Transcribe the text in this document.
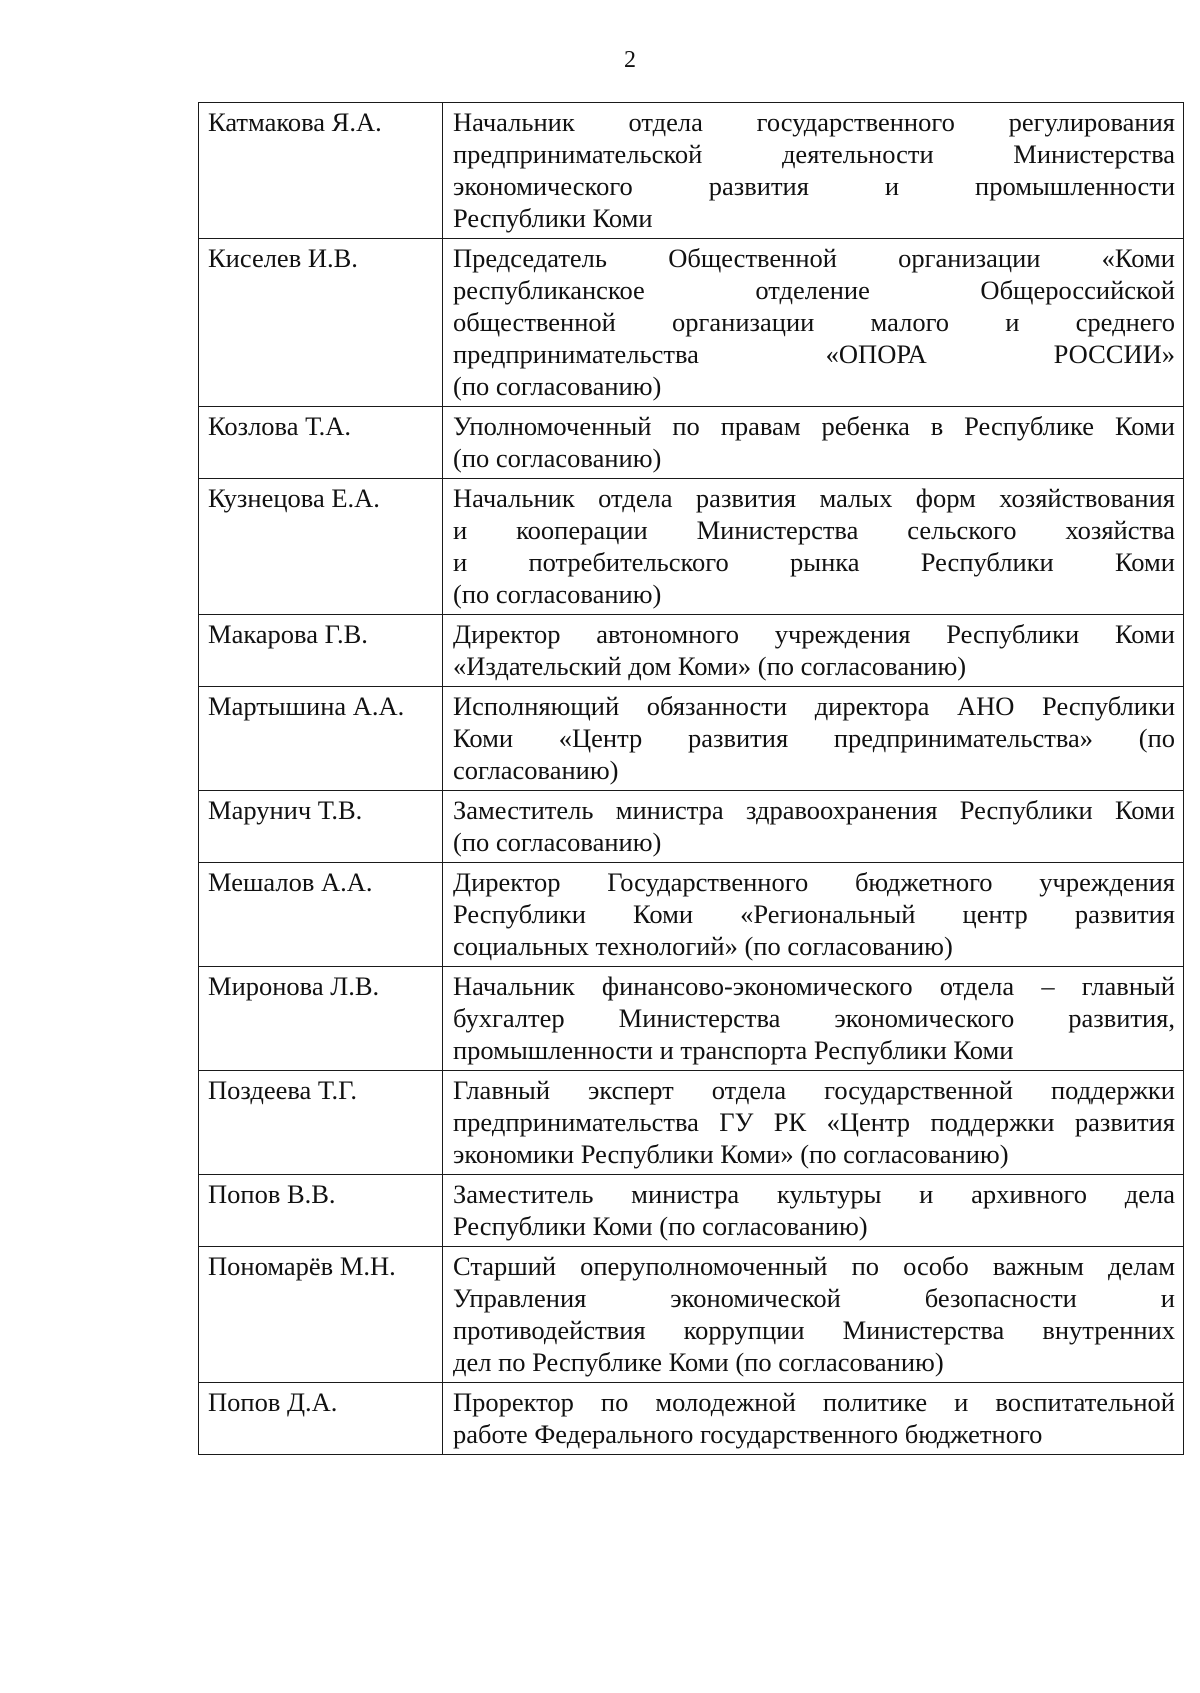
2
Катмакова Я.А.	Начальник отдела государственного регулирования
предпринимательской деятельности Министерства
экономического развития и промышленности
Республики Коми

Киселев И.В.	Председатель Общественной организации «Коми
республиканское отделение Общероссийской
общественной организации малого и среднего
предпринимательства «ОПОРА РОССИИ»
(по согласованию)

Козлова Т.А.	Уполномоченный по правам ребенка в Республике Коми
(по согласованию)

Кузнецова Е.А.	Начальник отдела развития малых форм хозяйствования
и кооперации Министерства сельского хозяйства
и потребительского рынка Республики Коми
(по согласованию)

Макарова Г.В.	Директор автономного учреждения Республики Коми
«Издательский дом Коми» (по согласованию)

Мартышина А.А.	Исполняющий обязанности директора АНО Республики
Коми «Центр развития предпринимательства» (по
согласованию)

Марунич Т.В.	Заместитель министра здравоохранения Республики Коми
(по согласованию)

Мешалов А.А.	Директор Государственного бюджетного учреждения
Республики Коми «Региональный центр развития
социальных технологий» (по согласованию)

Миронова Л.В.	Начальник финансово-экономического отдела – главный
бухгалтер Министерства экономического развития,
промышленности и транспорта Республики Коми

Поздеева Т.Г.	Главный эксперт отдела государственной поддержки
предпринимательства ГУ РК «Центр поддержки развития
экономики Республики Коми» (по согласованию)

Попов В.В.	Заместитель министра культуры и архивного дела
Республики Коми (по согласованию)

Пономарёв М.Н.	Старший оперуполномоченный по особо важным делам
Управления экономической безопасности и
противодействия коррупции Министерства внутренних
дел по Республике Коми (по согласованию)

Попов Д.А.	Проректор по молодежной политике и воспитательной
работе Федерального государственного бюджетного
